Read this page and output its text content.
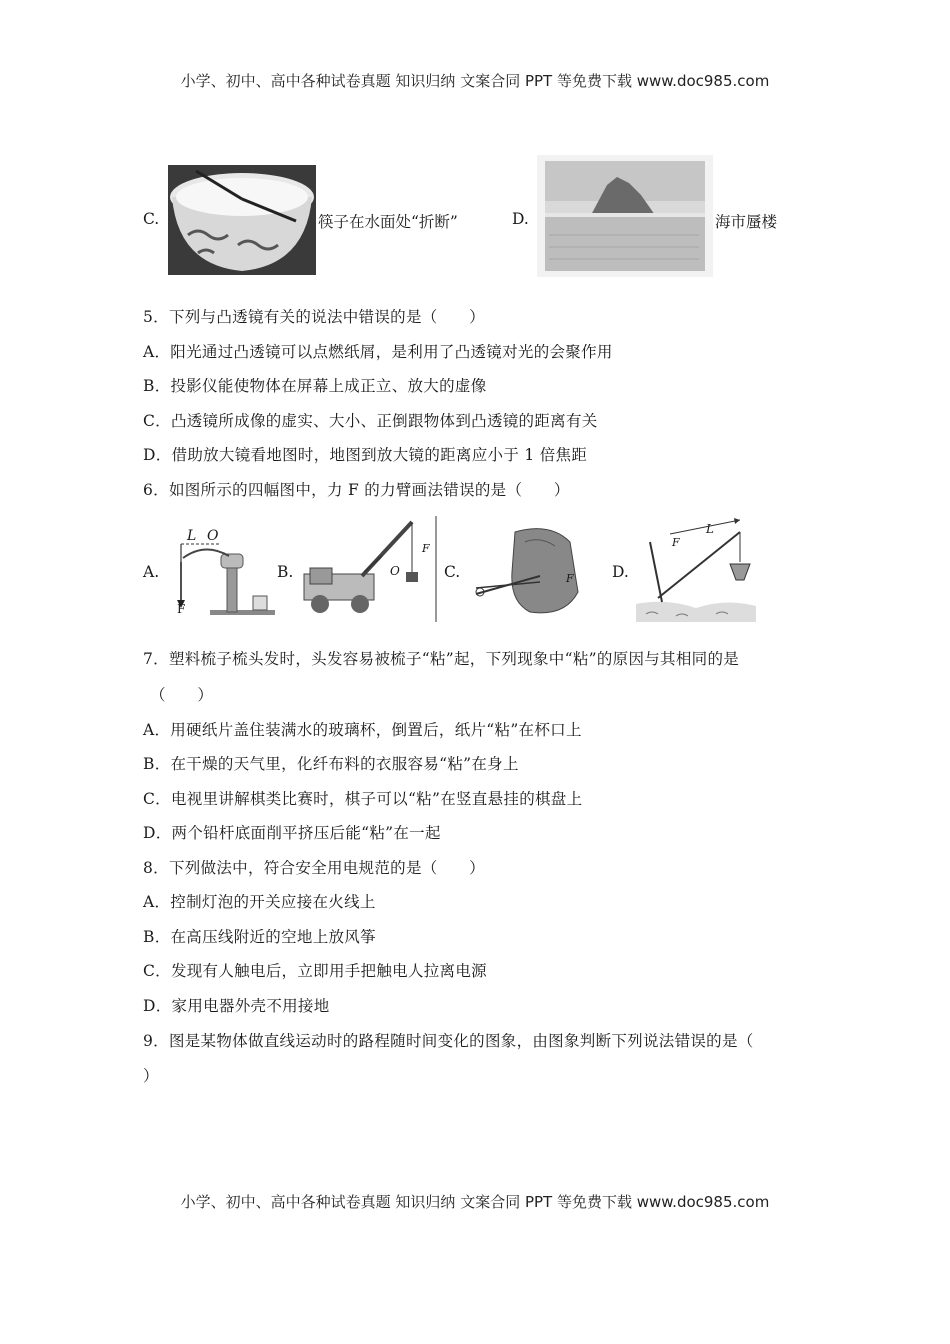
小学、初中、高中各种试卷真题 知识归纳 文案合同 PPT 等免费下载 www.doc985.com
C.	筷子在水面处“折断”	D.	海市蜃楼
5．下列与凸透镜有关的说法中错误的是（　　）
A．阳光通过凸透镜可以点燃纸屑，是利用了凸透镜对光的会聚作用
B．投影仪能使物体在屏幕上成正立、放大的虚像
C．凸透镜所成像的虚实、大小、正倒跟物体到凸透镜的距离有关
D．借助放大镜看地图时，地图到放大镜的距离应小于 1 倍焦距
6．如图所示的四幅图中，力 F 的力臂画法错误的是（　　）
A.
L O
F
B.	O
F
C.	F D.
F
L
7．塑料梳子梳头发时，头发容易被梳子“粘”起，下列现象中“粘”的原因与其相同的是
（　　）
A．用硬纸片盖住装满水的玻璃杯，倒置后，纸片“粘”在杯口上
B．在干燥的天气里，化纤布料的衣服容易“粘”在身上
C．电视里讲解棋类比赛时，棋子可以“粘”在竖直悬挂的棋盘上
D．两个铅杆底面削平挤压后能“粘”在一起
8．下列做法中，符合安全用电规范的是（　　）
A．控制灯泡的开关应接在火线上
B．在高压线附近的空地上放风筝
C．发现有人触电后，立即用手把触电人拉离电源
D．家用电器外壳不用接地
9．图是某物体做直线运动时的路程随时间变化的图象，由图象判断下列说法错误的是（
）
小学、初中、高中各种试卷真题 知识归纳 文案合同 PPT 等免费下载 www.doc985.com
